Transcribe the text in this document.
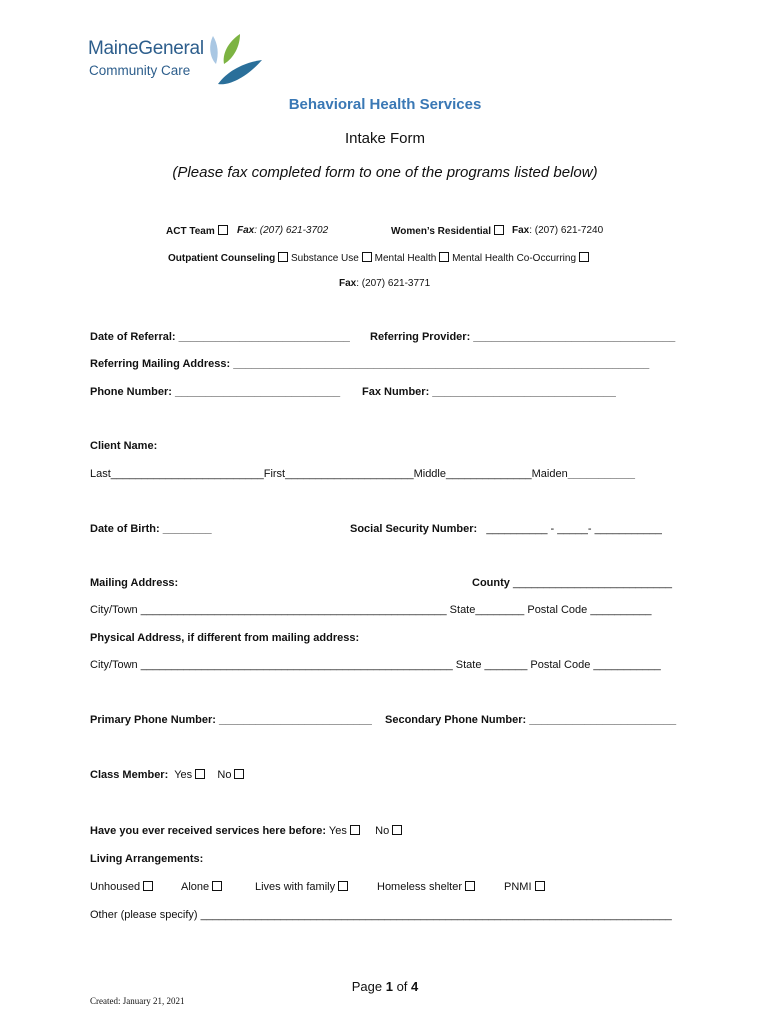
MaineGeneral
Community Care
Behavioral Health Services
Intake Form
(Please fax completed form to one of the programs listed below)
ACT Team	Fax: (207) 621-3702	Women’s Residential	Fax: (207) 621-7240
Outpatient Counseling Substance Use Mental Health Mental Health Co-Occurring
Fax: (207) 621-3771
Date of Referral: ____________________________ Referring Provider: _________________________________
Referring Mailing Address: ____________________________________________________________________
Phone Number: ___________________________ Fax Number: ______________________________
Client Name:
Last_________________________First_____________________Middle______________Maiden___________
Date of Birth: ________	Social Security Number: __________ - _____- ___________
Mailing Address:	County __________________________
City/Town __________________________________________________ State________ Postal Code __________
Physical Address, if different from mailing address:
City/Town ___________________________________________________ State _______ Postal Code ___________
Primary Phone Number: _________________________ Secondary Phone Number: ________________________
Class Member: Yes No
Have you ever received services here before: Yes	No
Living Arrangements:
Unhoused	Alone	Lives with family	Homeless shelter	PNMI
Other (please specify) _____________________________________________________________________________
Page 1 of 4
Created: January 21, 2021
